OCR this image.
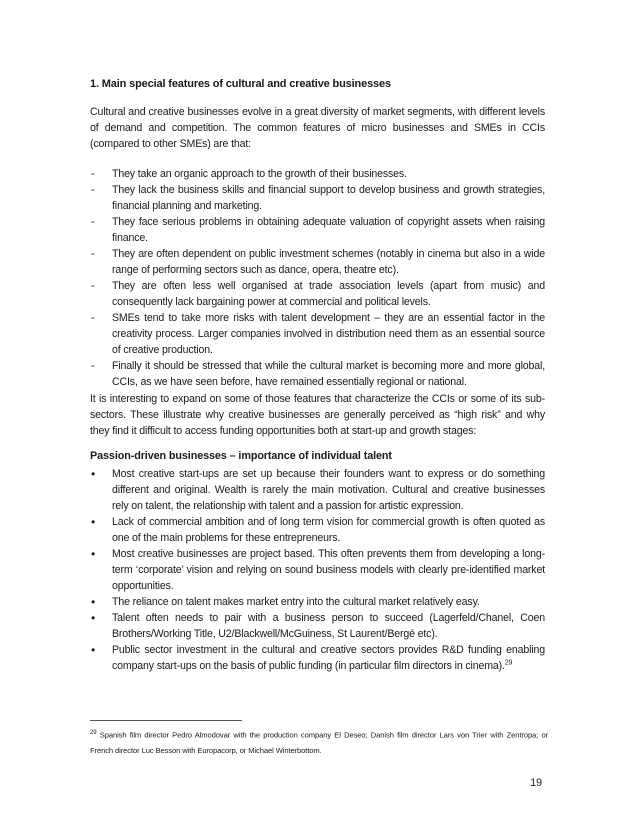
1. Main special features of cultural and creative businesses

Cultural and creative businesses evolve in a great diversity of market segments, with different levels of demand and competition. The common features of micro businesses and SMEs in CCIs (compared to other SMEs) are that:

- They take an organic approach to the growth of their businesses.
- They lack the business skills and financial support to develop business and growth strategies, financial planning and marketing.
- They face serious problems in obtaining adequate valuation of copyright assets when raising finance.
- They are often dependent on public investment schemes (notably in cinema but also in a wide range of performing sectors such as dance, opera, theatre etc).
- They are often less well organised at trade association levels (apart from music) and consequently lack bargaining power at commercial and political levels.
- SMEs tend to take more risks with talent development – they are an essential factor in the creativity process. Larger companies involved in distribution need them as an essential source of creative production.
- Finally it should be stressed that while the cultural market is becoming more and more global, CCIs, as we have seen before, have remained essentially regional or national.

It is interesting to expand on some of those features that characterize the CCIs or some of its sub-sectors. These illustrate why creative businesses are generally perceived as “high risk” and why they find it difficult to access funding opportunities both at start-up and growth stages:

Passion-driven businesses – importance of individual talent
• Most creative start-ups are set up because their founders want to express or do something different and original. Wealth is rarely the main motivation. Cultural and creative businesses rely on talent, the relationship with talent and a passion for artistic expression.
• Lack of commercial ambition and of long term vision for commercial growth is often quoted as one of the main problems for these entrepreneurs.
• Most creative businesses are project based. This often prevents them from developing a long-term ‘corporate’ vision and relying on sound business models with clearly pre-identified market opportunities.
• The reliance on talent makes market entry into the cultural market relatively easy.
• Talent often needs to pair with a business person to succeed (Lagerfeld/Chanel, Coen Brothers/Working Title, U2/Blackwell/McGuiness, St Laurent/Bergé etc).
• Public sector investment in the cultural and creative sectors provides R&D funding enabling company start-ups on the basis of public funding (in particular film directors in cinema).$^{29}$
$^{29}$ Spanish film director Pedro Almodovar with the production company El Deseo; Danish film director Lars von Trier with Zentropa; or French director Luc Besson with Europacorp, or Michael Winterbottom.
19
